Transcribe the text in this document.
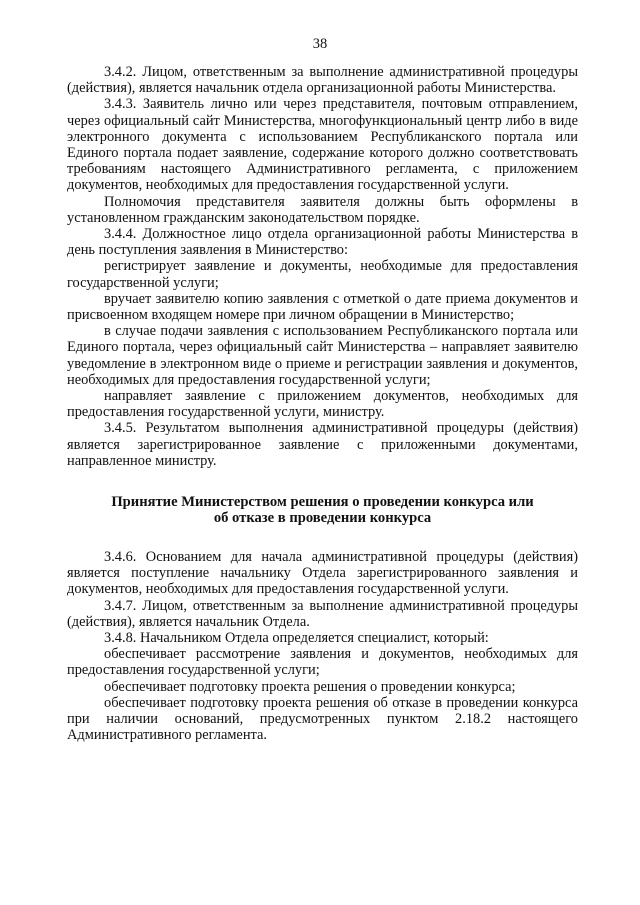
38

3.4.2. Лицом, ответственным за выполнение административной процедуры (действия), является начальник отдела организационной работы Министерства.

3.4.3. Заявитель лично или через представителя, почтовым отправлением, через официальный сайт Министерства, многофункциональный центр либо в виде электронного документа с использованием Республиканского портала или Единого портала подает заявление, содержание которого должно соответствовать требованиям настоящего Административного регламента, с приложением документов, необходимых для предоставления государственной услуги.

Полномочия представителя заявителя должны быть оформлены в установленном гражданским законодательством порядке.

3.4.4. Должностное лицо отдела организационной работы Министерства в день поступления заявления в Министерство:

регистрирует заявление и документы, необходимые для предоставления государственной услуги;

вручает заявителю копию заявления с отметкой о дате приема документов и присвоенном входящем номере при личном обращении в Министерство;

в случае подачи заявления с использованием Республиканского портала или Единого портала, через официальный сайт Министерства – направляет заявителю уведомление в электронном виде о приеме и регистрации заявления и документов, необходимых для предоставления государственной услуги;

направляет заявление с приложением документов, необходимых для предоставления государственной услуги, министру.

3.4.5. Результатом выполнения административной процедуры (действия) является зарегистрированное заявление с приложенными документами, направленное министру.

Принятие Министерством решения о проведении конкурса или
об отказе в проведении конкурса

3.4.6. Основанием для начала административной процедуры (действия) является поступление начальнику Отдела зарегистрированного заявления и документов, необходимых для предоставления государственной услуги.

3.4.7. Лицом, ответственным за выполнение административной процедуры (действия), является начальник Отдела.

3.4.8. Начальником Отдела определяется специалист, который:

обеспечивает рассмотрение заявления и документов, необходимых для предоставления государственной услуги;

обеспечивает подготовку проекта решения о проведении конкурса;

обеспечивает подготовку проекта решения об отказе в проведении конкурса при наличии оснований, предусмотренных пунктом 2.18.2 настоящего Административного регламента.
